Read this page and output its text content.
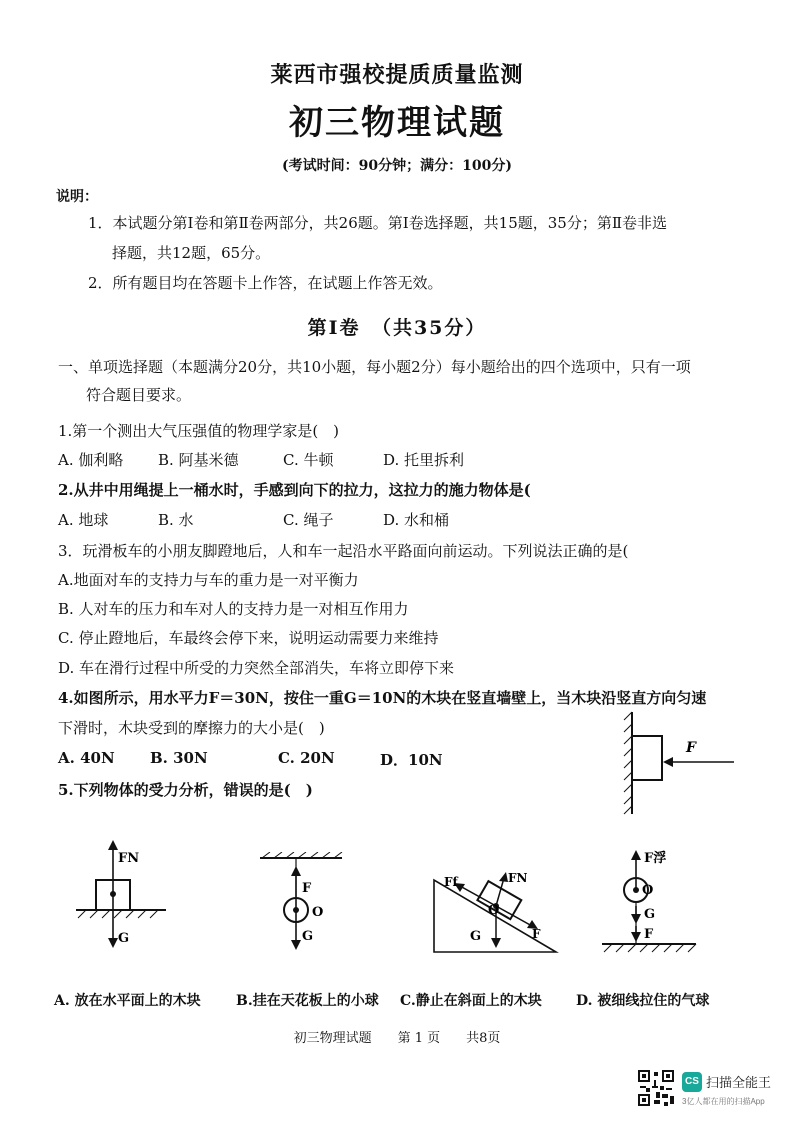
莱西市强校提质质量监测
初三物理试题
(考试时间：90分钟；满分：100分)
说明：
1．本试题分第Ⅰ卷和第Ⅱ卷两部分，共26题。第Ⅰ卷选择题，共15题，35分；第Ⅱ卷非选
择题，共12题，65分。
2．所有题目均在答题卡上作答，在试题上作答无效。
第Ⅰ卷　（共35分）
一、单项选择题（本题满分20分，共10小题，每小题2分）每小题给出的四个选项中，只有一项
符合题目要求。
1.第一个测出大气压强值的物理学家是(　)
A. 伽利略 B. 阿基米德	C. 牛顿	D. 托里拆利
2.从井中用绳提上一桶水时，手感到向下的拉力，这拉力的施力物体是(
A. 地球	B. 水	C. 绳子	D. 水和桶
3．玩滑板车的小朋友脚蹬地后，人和车一起沿水平路面向前运动。下列说法正确的是(
A.地面对车的支持力与车的重力是一对平衡力
B. 人对车的压力和车对人的支持力是一对相互作用力
C. 停止蹬地后，车最终会停下来，说明运动需要力来维持
D. 车在滑行过程中所受的力突然全部消失，车将立即停下来
4.如图所示，用水平力F＝30N，按住一重G＝10N的木块在竖直墙壁上，当木块沿竖直方向匀速
下滑时，木块受到的摩擦力的大小是(　)
A. 40N B. 30N	C. 20N	D．10N
F
5.下列物体的受力分析，错误的是(　)
FN
G
F
O
G
Ff	FN
O
G	F
F浮
O
G
F
A. 放在水平面上的木块	B.挂在天花板上的小球 C.静止在斜面上的木块 D. 被细线拉住的气球
初三物理试题　　第 1 页　　共8页
CS 扫描全能王
3亿人都在用的扫描App
